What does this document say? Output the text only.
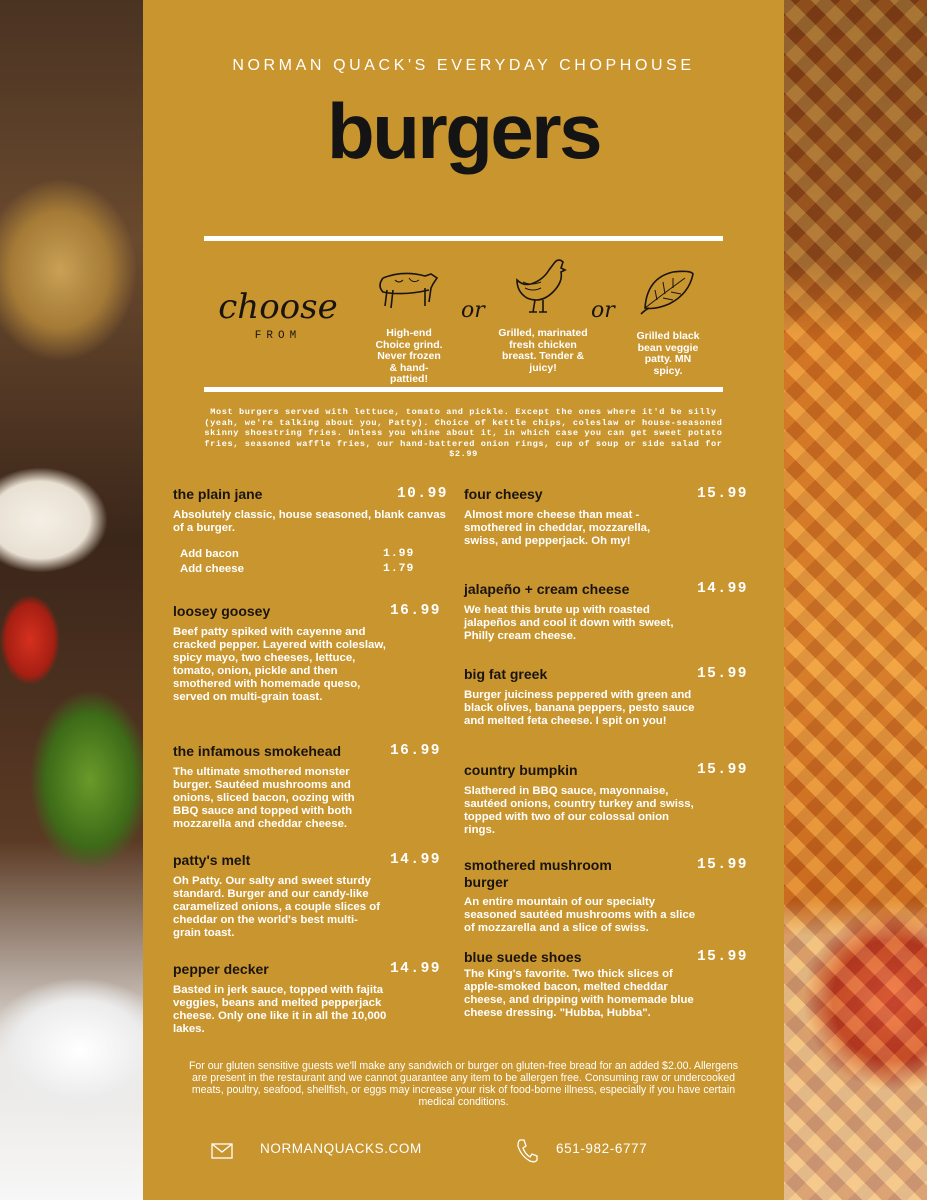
NORMAN QUACK'S EVERYDAY CHOPHOUSE
burgers
choose
FROM	High-end Choice grind. Never frozen & hand-pattied!
or
Grilled, marinated fresh chicken breast. Tender & juicy!
or
Grilled black bean veggie patty. MN spicy.
Most burgers served with lettuce, tomato and pickle. Except the ones where it'd be silly (yeah, we're talking about you, Patty). Choice of kettle chips, coleslaw or house-seasoned skinny shoestring fries. Unless you whine about it, in which case you can get sweet potato fries, seasoned waffle fries, our hand-battered onion rings, cup of soup or side salad for $2.99
the plain jane	10.99
Absolutely classic, house seasoned, blank canvas of a burger.
Add bacon	1.99
Add cheese	1.79
loosey goosey	16.99
Beef patty spiked with cayenne and cracked pepper. Layered with coleslaw, spicy mayo, two cheeses, lettuce, tomato, onion, pickle and then smothered with homemade queso, served on multi-grain toast.
the infamous smokehead	16.99
The ultimate smothered monster burger. Sautéed mushrooms and onions, sliced bacon, oozing with BBQ sauce and topped with both mozzarella and cheddar cheese.
patty's melt	14.99
Oh Patty. Our salty and sweet sturdy standard. Burger and our candy-like caramelized onions, a couple slices of cheddar on the world's best multi-grain toast.
pepper decker	14.99
Basted in jerk sauce, topped with fajita veggies, beans and melted pepperjack cheese. Only one like it in all the 10,000 lakes.
four cheesy	15.99
Almost more cheese than meat - smothered in cheddar, mozzarella, swiss, and pepperjack. Oh my!
jalapeño + cream cheese	14.99
We heat this brute up with roasted jalapeños and cool it down with sweet, Philly cream cheese.
big fat greek	15.99
Burger juiciness peppered with green and black olives, banana peppers, pesto sauce and melted feta cheese. I spit on you!
country bumpkin	15.99
Slathered in BBQ sauce, mayonnaise, sautéed onions, country turkey and swiss, topped with two of our colossal onion rings.
smothered mushroom burger
15.99
An entire mountain of our specialty seasoned sautéed mushrooms with a slice of mozzarella and a slice of swiss.
blue suede shoes	15.99
The King's favorite. Two thick slices of apple-smoked bacon, melted cheddar cheese, and dripping with homemade blue cheese dressing. "Hubba, Hubba".
For our gluten sensitive guests we'll make any sandwich or burger on gluten-free bread for an added $2.00. Allergens are present in the restaurant and we cannot guarantee any item to be allergen free. Consuming raw or undercooked meats, poultry, seafood, shellfish, or eggs may increase your risk of food-borne illness, especially if you have certain medical conditions.
NORMANQUACKS.COM	651-982-6777
